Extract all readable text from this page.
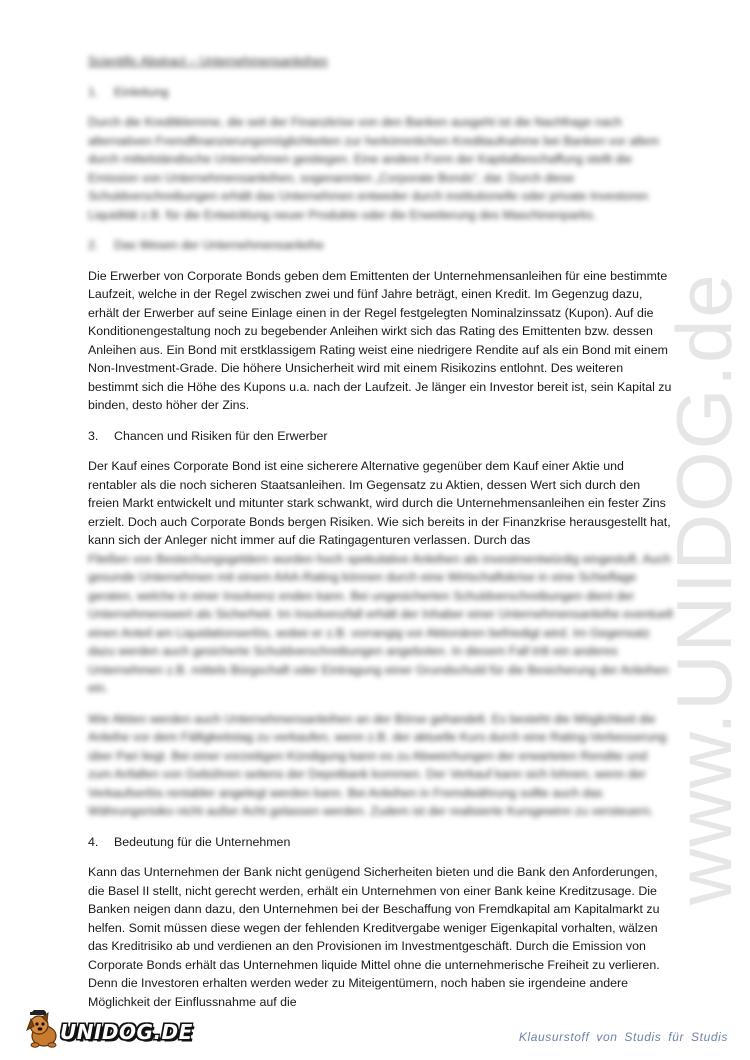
www.UNIDOG.de
Scientific Abstract – Unternehmensanleihen
1. Einleitung

Durch die Kreditklemme, die seit der Finanzkrise von den Banken ausgeht ist die Nachfrage nach alternativen Fremdfinanzierungsmöglichkeiten zur herkömmlichen Kreditaufnahme bei Banken vor allem durch mittelständische Unternehmen gestiegen. Eine andere Form der Kapitalbeschaffung stellt die Emission von Unternehmensanleihen, sogenannten „Corporate Bonds“, dar. Durch diese Schuldverschreibungen erhält das Unternehmen entweder durch institutionelle oder private Investoren Liquidität z.B. für die Entwicklung neuer Produkte oder die Erweiterung des Maschinenparks.

2. Das Wesen der Unternehmensanleihe

Die Erwerber von Corporate Bonds geben dem Emittenten der Unternehmensanleihen für eine bestimmte Laufzeit, welche in der Regel zwischen zwei und fünf Jahre beträgt, einen Kredit. Im Gegenzug dazu, erhält der Erwerber auf seine Einlage einen in der Regel festgelegten Nominalzinssatz (Kupon). Auf die Konditionengestaltung noch zu begebender Anleihen wirkt sich das Rating des Emittenten bzw. dessen Anleihen aus. Ein Bond mit erstklassigem Rating weist eine niedrigere Rendite auf als ein Bond mit einem Non-Investment-Grade. Die höhere Unsicherheit wird mit einem Risikozins entlohnt. Des weiteren bestimmt sich die Höhe des Kupons u.a. nach der Laufzeit. Je länger ein Investor bereit ist, sein Kapital zu binden, desto höher der Zins.

3. Chancen und Risiken für den Erwerber

Der Kauf eines Corporate Bond ist eine sicherere Alternative gegenüber dem Kauf einer Aktie und rentabler als die noch sicheren Staatsanleihen. Im Gegensatz zu Aktien, dessen Wert sich durch den freien Markt entwickelt und mitunter stark schwankt, wird durch die Unternehmensanleihen ein fester Zins erzielt. Doch auch Corporate Bonds bergen Risiken. Wie sich bereits in der Finanzkrise herausgestellt hat, kann sich der Anleger nicht immer auf die Ratingagenturen verlassen. Durch das

Fließen von Bestechungsgeldern wurden hoch spekulative Anleihen als investmentwürdig eingestuft. Auch gesunde Unternehmen mit einem AAA-Rating können durch eine Wirtschaftskrise in eine Schieflage geraten, welche in einer Insolvenz enden kann. Bei ungesicherten Schuldverschreibungen dient der Unternehmenswert als Sicherheit. Im Insolvenzfall erhält der Inhaber einer Unternehmensanleihe eventuell einen Anteil am Liquidationserlös, wobei er z.B. vorrangig vor Aktionären befriedigt wird. Im Gegensatz dazu werden auch gesicherte Schuldverschreibungen angeboten. In diesem Fall tritt ein anderes Unternehmen z.B. mittels Bürgschaft oder Eintragung einer Grundschuld für die Besicherung der Anleihen ein.

Wie Aktien werden auch Unternehmensanleihen an der Börse gehandelt. Es besteht die Möglichkeit die Anleihe vor dem Fälligkeitstag zu verkaufen, wenn z.B. der aktuelle Kurs durch eine Rating-Verbesserung über Pari liegt. Bei einer vorzeitigen Kündigung kann es zu Abweichungen der erwarteten Rendite und zum Anfallen von Gebühren seitens der Depotbank kommen. Der Verkauf kann sich lohnen, wenn der Verkaufserlös rentabler angelegt werden kann. Bei Anleihen in Fremdwährung sollte auch das Währungsrisiko nicht außer Acht gelassen werden. Zudem ist der realisierte Kursgewinn zu versteuern.

4. Bedeutung für die Unternehmen

Kann das Unternehmen der Bank nicht genügend Sicherheiten bieten und die Bank den Anforderungen, die Basel II stellt, nicht gerecht werden, erhält ein Unternehmen von einer Bank keine Kreditzusage. Die Banken neigen dann dazu, den Unternehmen bei der Beschaffung von Fremdkapital am Kapitalmarkt zu helfen. Somit müssen diese wegen der fehlenden Kreditvergabe weniger Eigenkapital vorhalten, wälzen das Kreditrisiko ab und verdienen an den Provisionen im Investmentgeschäft. Durch die Emission von Corporate Bonds erhält das Unternehmen liquide Mittel ohne die unternehmerische Freiheit zu verlieren. Denn die Investoren erhalten werden weder zu Miteigentümern, noch haben sie irgendeine andere Möglichkeit der Einflussnahme auf die

UNIDOG.DE	Klausurstoff von Studis für Studis
